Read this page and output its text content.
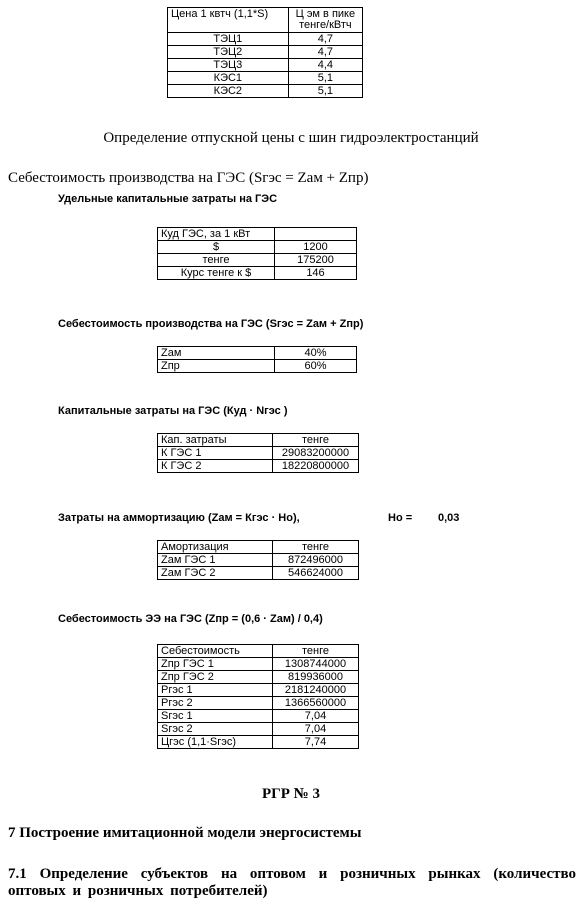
Цена 1 квтч (1,1*S)	Ц эм в пике тенге/кВтч
ТЭЦ1	4,7
ТЭЦ2	4,7
ТЭЦ3	4,4
КЭС1	5,1
КЭС2	5,1
Определение отпускной цены с шин гидроэлектростанций
Себестоимость производства на ГЭС (Sгэс = Zам + Zпр)
Удельные капитальные затраты на ГЭС
Куд ГЭС, за 1 кВт	
$	1200
тенге	175200
Курс тенге к $	146
Себестоимость производства на ГЭС (Sгэс = Zам + Zпр)
Zам	40%
Zпр	60%
Капитальные затраты на ГЭС (Куд · Nгэс )
Кап. затраты	тенге
К ГЭС 1	29083200000
К ГЭС 2	18220800000
Затраты на аммортизацию (Zам = Кгэс · Но),	Но = 0,03
Амортизация	тенге
Zам ГЭС 1	872496000
Zам ГЭС 2	546624000
Себестоимость ЭЭ на ГЭС (Zпр = (0,6 · Zам) / 0,4)
Себестоимость	тенге
Zпр ГЭС 1	1308744000
Zпр ГЭС 2	819936000
Pгэс 1	2181240000
Pгэс 2	1366560000
Sгэс 1	7,04
Sгэс 2	7,04
Цгэс (1,1·Sгэс)	7,74
РГР № 3
7 Построение имитационной модели энергосистемы
7.1 Определение субъектов на оптовом и розничных рынках (количество оптовых и розничных потребителей)
